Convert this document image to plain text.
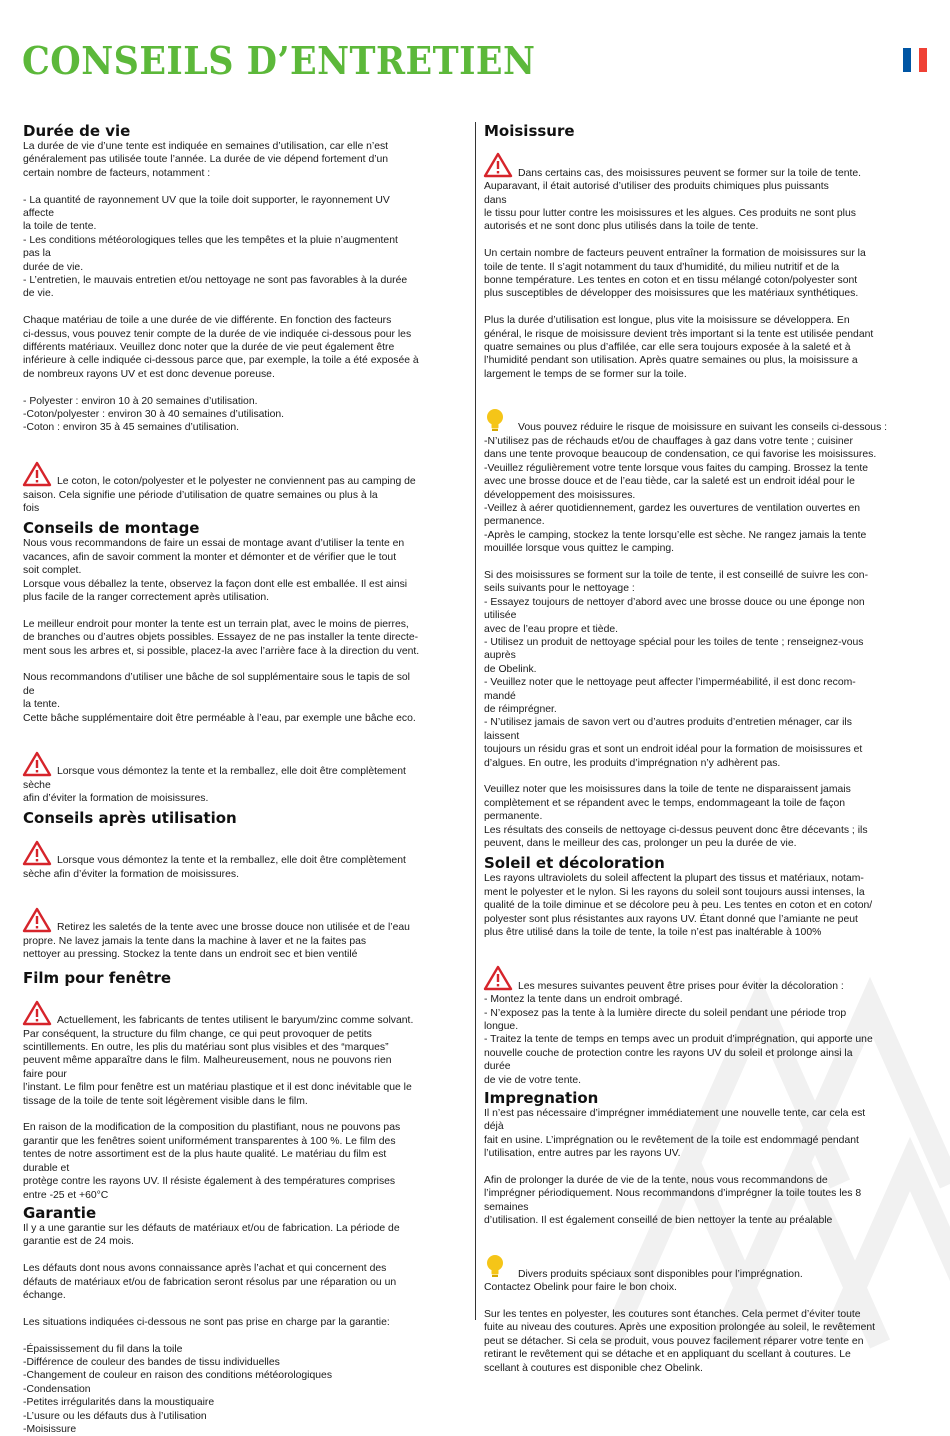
CONSEILS D’ENTRETIEN
Durée de vie

La durée de vie d’une tente est indiquée en semaines d’utilisation, car elle n’est
généralement pas utilisée toute l’année. La durée de vie dépend fortement d’un
certain nombre de facteurs, notamment :

- La quantité de rayonnement UV que la toile doit supporter, le rayonnement UV
affecte
la toile de tente.
- Les conditions météorologiques telles que les tempêtes et la pluie n’augmentent
pas la
durée de vie.
- L’entretien, le mauvais entretien et/ou nettoyage ne sont pas favorables à la durée
de vie.

Chaque matériau de toile a une durée de vie différente. En fonction des facteurs
ci-dessus, vous pouvez tenir compte de la durée de vie indiquée ci-dessous pour les
différents matériaux. Veuillez donc noter que la durée de vie peut également être
inférieure à celle indiquée ci-dessous parce que, par exemple, la toile a été exposée à
de nombreux rayons UV et est donc devenue poreuse.

- Polyester : environ 10 à 20 semaines d’utilisation.
-Coton/polyester : environ 30 à 40 semaines d’utilisation.
-Coton : environ 35 à 45 semaines d’utilisation.

Le coton, le coton/polyester et le polyester ne conviennent pas au camping de
saison. Cela signifie une période d’utilisation de quatre semaines ou plus à la
fois

Conseils de montage

Nous vous recommandons de faire un essai de montage avant d’utiliser la tente en
vacances, afin de savoir comment la monter et démonter et de vérifier que le tout
soit complet.
Lorsque vous déballez la tente, observez la façon dont elle est emballée. Il est ainsi
plus facile de la ranger correctement après utilisation.

Le meilleur endroit pour monter la tente est un terrain plat, avec le moins de pierres,
de branches ou d’autres objets possibles. Essayez de ne pas installer la tente directe-
ment sous les arbres et, si possible, placez-la avec l’arrière face à la direction du vent.

Nous recommandons d’utiliser une bâche de sol supplémentaire sous le tapis de sol
de
la tente.
Cette bâche supplémentaire doit être perméable à l’eau, par exemple une bâche eco.

Lorsque vous démontez la tente et la remballez, elle doit être complètement
sèche
afin d’éviter la formation de moisissures.

Conseils après utilisation

Lorsque vous démontez la tente et la remballez, elle doit être complètement
sèche afin d’éviter la formation de moisissures.

Retirez les saletés de la tente avec une brosse douce non utilisée et de l’eau
propre. Ne lavez jamais la tente dans la machine à laver et ne la faites pas
nettoyer au pressing. Stockez la tente dans un endroit sec et bien ventilé

Film pour fenêtre

Actuellement, les fabricants de tentes utilisent le baryum/zinc comme solvant.
Par conséquent, la structure du film change, ce qui peut provoquer de petits
scintillements. En outre, les plis du matériau sont plus visibles et des “marques”
peuvent même apparaître dans le film. Malheureusement, nous ne pouvons rien
faire pour
l’instant. Le film pour fenêtre est un matériau plastique et il est donc inévitable que le
tissage de la toile de tente soit légèrement visible dans le film.

En raison de la modification de la composition du plastifiant, nous ne pouvons pas
garantir que les fenêtres soient uniformément transparentes à 100 %. Le film des
tentes de notre assortiment est de la plus haute qualité. Le matériau du film est
durable et
protège contre les rayons UV. Il résiste également à des températures comprises
entre -25 et +60°C

Garantie

Il y a une garantie sur les défauts de matériaux et/ou de fabrication. La période de
garantie est de 24 mois.

Les défauts dont nous avons connaissance après l’achat et qui concernent des
défauts de matériaux et/ou de fabrication seront résolus par une réparation ou un
échange.

Les situations indiquées ci-dessous ne sont pas prise en charge par la garantie:

-Épaississement du fil dans la toile
-Différence de couleur des bandes de tissu individuelles
-Changement de couleur en raison des conditions météorologiques
-Condensation
-Petites irrégularités dans la moustiquaire
-L’usure ou les défauts dus à l’utilisation
-Moisissure

Moisissure

Dans certains cas, des moisissures peuvent se former sur la toile de tente.
Auparavant, il était autorisé d’utiliser des produits chimiques plus puissants
dans
le tissu pour lutter contre les moisissures et les algues. Ces produits ne sont plus
autorisés et ne sont donc plus utilisés dans la toile de tente.

Un certain nombre de facteurs peuvent entraîner la formation de moisissures sur la
toile de tente. Il s’agit notamment du taux d’humidité, du milieu nutritif et de la
bonne température. Les tentes en coton et en tissu mélangé coton/polyester sont
plus susceptibles de développer des moisissures que les matériaux synthétiques.

Plus la durée d’utilisation est longue, plus vite la moisissure se développera. En
général, le risque de moisissure devient très important si la tente est utilisée pendant
quatre semaines ou plus d’affilée, car elle sera toujours exposée à la saleté et à
l’humidité pendant son utilisation. Après quatre semaines ou plus, la moisissure a
largement le temps de se former sur la toile.

Vous pouvez réduire le risque de moisissure en suivant les conseils ci-dessous :
-N’utilisez pas de réchauds et/ou de chauffages à gaz dans votre tente ; cuisiner
dans une tente provoque beaucoup de condensation, ce qui favorise les moisissures.
-Veuillez régulièrement votre tente lorsque vous faites du camping. Brossez la tente
avec une brosse douce et de l’eau tiède, car la saleté est un endroit idéal pour le
développement des moisissures.
-Veillez à aérer quotidiennement, gardez les ouvertures de ventilation ouvertes en
permanence.
-Après le camping, stockez la tente lorsqu’elle est sèche. Ne rangez jamais la tente
mouillée lorsque vous quittez le camping.

Si des moisissures se forment sur la toile de tente, il est conseillé de suivre les con-
seils suivants pour le nettoyage :
- Essayez toujours de nettoyer d’abord avec une brosse douce ou une éponge non
utilisée
avec de l’eau propre et tiède.
- Utilisez un produit de nettoyage spécial pour les toiles de tente ; renseignez-vous
auprès
de Obelink.
- Veuillez noter que le nettoyage peut affecter l’imperméabilité, il est donc recom-
mandé
de réimprégner.
- N’utilisez jamais de savon vert ou d’autres produits d’entretien ménager, car ils
laissent
toujours un résidu gras et sont un endroit idéal pour la formation de moisissures et
d’algues. En outre, les produits d’imprégnation n’y adhèrent pas.

Veuillez noter que les moisissures dans la toile de tente ne disparaissent jamais
complètement et se répandent avec le temps, endommageant la toile de façon
permanente.
Les résultats des conseils de nettoyage ci-dessus peuvent donc être décevants ; ils
peuvent, dans le meilleur des cas, prolonger un peu la durée de vie.

Soleil et décoloration

Les rayons ultraviolets du soleil affectent la plupart des tissus et matériaux, notam-
ment le polyester et le nylon. Si les rayons du soleil sont toujours aussi intenses, la
qualité de la toile diminue et se décolore peu à peu. Les tentes en coton et en coton/
polyester sont plus résistantes aux rayons UV. Étant donné que l’amiante ne peut
plus être utilisé dans la toile de tente, la toile n’est pas inaltérable à 100%

Les mesures suivantes peuvent être prises pour éviter la décoloration :
- Montez la tente dans un endroit ombragé.
- N’exposez pas la tente à la lumière directe du soleil pendant une période trop
longue.
- Traitez la tente de temps en temps avec un produit d’imprégnation, qui apporte une
nouvelle couche de protection contre les rayons UV du soleil et prolonge ainsi la
durée
de vie de votre tente.

Impregnation

Il n’est pas nécessaire d’imprégner immédiatement une nouvelle tente, car cela est
déjà
fait en usine. L’imprégnation ou le revêtement de la toile est endommagé pendant
l’utilisation, entre autres par les rayons UV.

Afin de prolonger la durée de vie de la tente, nous vous recommandons de
l’imprégner périodiquement. Nous recommandons d’imprégner la toile toutes les 8
semaines
d’utilisation. Il est également conseillé de bien nettoyer la tente au préalable

Divers produits spéciaux sont disponibles pour l’imprégnation.
Contactez Obelink pour faire le bon choix.

Sur les tentes en polyester, les coutures sont étanches. Cela permet d’éviter toute
fuite au niveau des coutures. Après une exposition prolongée au soleil, le revêtement
peut se détacher. Si cela se produit, vous pouvez facilement réparer votre tente en
retirant le revêtement qui se détache et en appliquant du scellant à coutures. Le
scellant à coutures est disponible chez Obelink.
